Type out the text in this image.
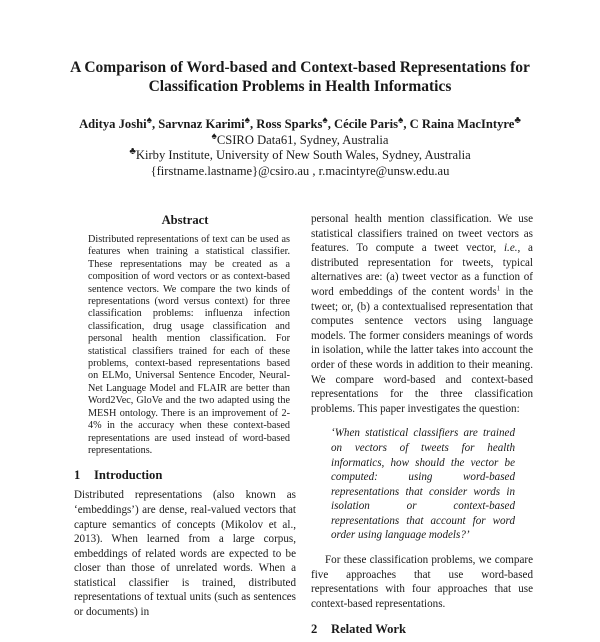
A Comparison of Word-based and Context-based Representations for
Classification Problems in Health Informatics
Aditya Joshi♠, Sarvnaz Karimi♠, Ross Sparks♠, Cécile Paris♠, C Raina MacIntyre♣
♠CSIRO Data61, Sydney, Australia
♣Kirby Institute, University of New South Wales, Sydney, Australia
{firstname.lastname}@csiro.au , r.macintyre@unsw.edu.au
Abstract

Distributed representations of text can be used as features when training a statistical classifier. These representations may be created as a composition of word vectors or as context-based sentence vectors. We compare the two kinds of representations (word versus context) for three classification problems: influenza infection classification, drug usage classification and personal health mention classification. For statistical classifiers trained for each of these problems, context-based representations based on ELMo, Universal Sentence Encoder, Neural-Net Language Model and FLAIR are better than Word2Vec, GloVe and the two adapted using the MESH ontology. There is an improvement of 2-4% in the accuracy when these context-based representations are used instead of word-based representations.

1 Introduction

Distributed representations (also known as ‘embeddings’) are dense, real-valued vectors that capture semantics of concepts (Mikolov et al., 2013). When learned from a large corpus, embeddings of related words are expected to be closer than those of unrelated words. When a statistical classifier is trained, distributed representations of textual units (such as sentences or documents) in

personal health mention classification. We use statistical classifiers trained on tweet vectors as features. To compute a tweet vector, i.e., a distributed representation for tweets, typical alternatives are: (a) tweet vector as a function of word embeddings of the content words$^1$ in the tweet; or, (b) a contextualised representation that computes sentence vectors using language models. The former considers meanings of words in isolation, while the latter takes into account the order of these words in addition to their meaning. We compare word-based and context-based representations for the three classification problems. This paper investigates the question:

‘When statistical classifiers are trained on vectors of tweets for health informatics, how should the vector be computed: using word-based representations that consider words in isolation or context-based representations that account for word order using language models?’

For these classification problems, we compare five approaches that use word-based representations with four approaches that use context-based representations.

2 Related Work
